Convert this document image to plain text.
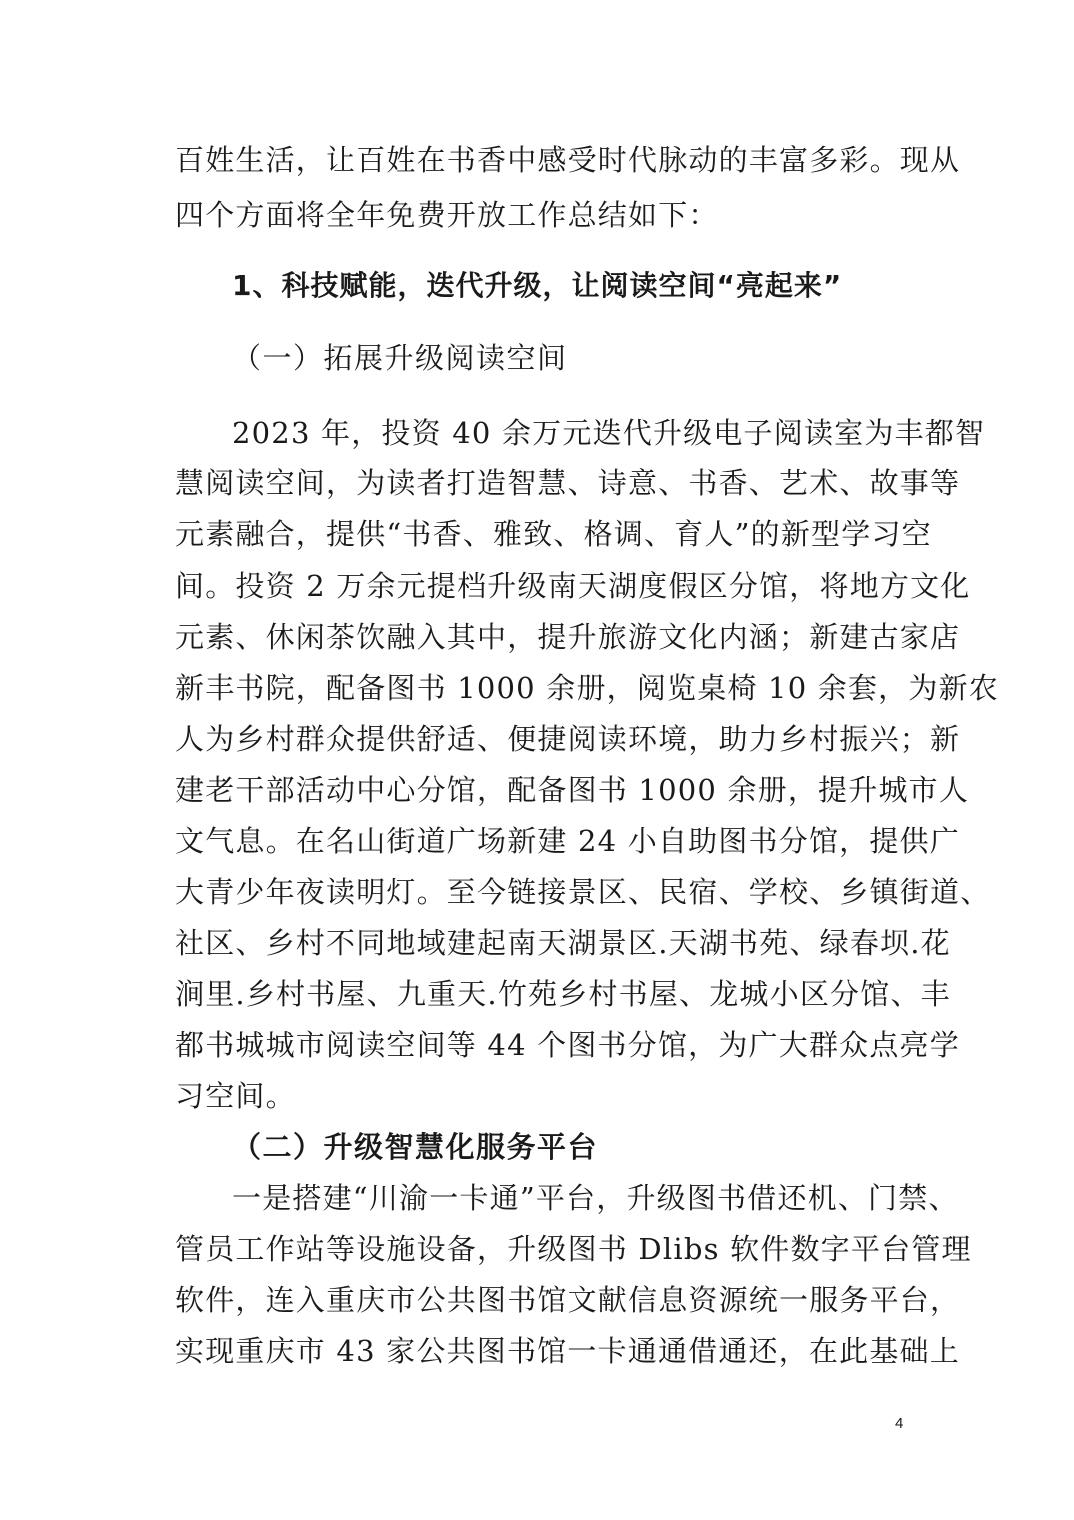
百姓生活，让百姓在书香中感受时代脉动的丰富多彩。现从
四个方面将全年免费开放工作总结如下：
1、科技赋能，迭代升级，让阅读空间“亮起来”
（一）拓展升级阅读空间
2023 年，投资 40 余万元迭代升级电子阅读室为丰都智
慧阅读空间，为读者打造智慧、诗意、书香、艺术、故事等
元素融合，提供“书香、雅致、格调、育人”的新型学习空
间。投资 2 万余元提档升级南天湖度假区分馆，将地方文化
元素、休闲茶饮融入其中，提升旅游文化内涵；新建古家店
新丰书院，配备图书 1000 余册，阅览桌椅 10 余套，为新农
人为乡村群众提供舒适、便捷阅读环境，助力乡村振兴；新
建老干部活动中心分馆，配备图书 1000 余册，提升城市人
文气息。在名山街道广场新建 24 小自助图书分馆，提供广
大青少年夜读明灯。至今链接景区、民宿、学校、乡镇街道、
社区、乡村不同地域建起南天湖景区.天湖书苑、绿春坝.花
涧里.乡村书屋、九重天.竹苑乡村书屋、龙城小区分馆、丰
都书城城市阅读空间等 44 个图书分馆，为广大群众点亮学
习空间。
（二）升级智慧化服务平台
一是搭建“川渝一卡通”平台，升级图书借还机、门禁、
管员工作站等设施设备，升级图书 Dlibs 软件数字平台管理
软件，连入重庆市公共图书馆文献信息资源统一服务平台，
实现重庆市 43 家公共图书馆一卡通通借通还，在此基础上
4
